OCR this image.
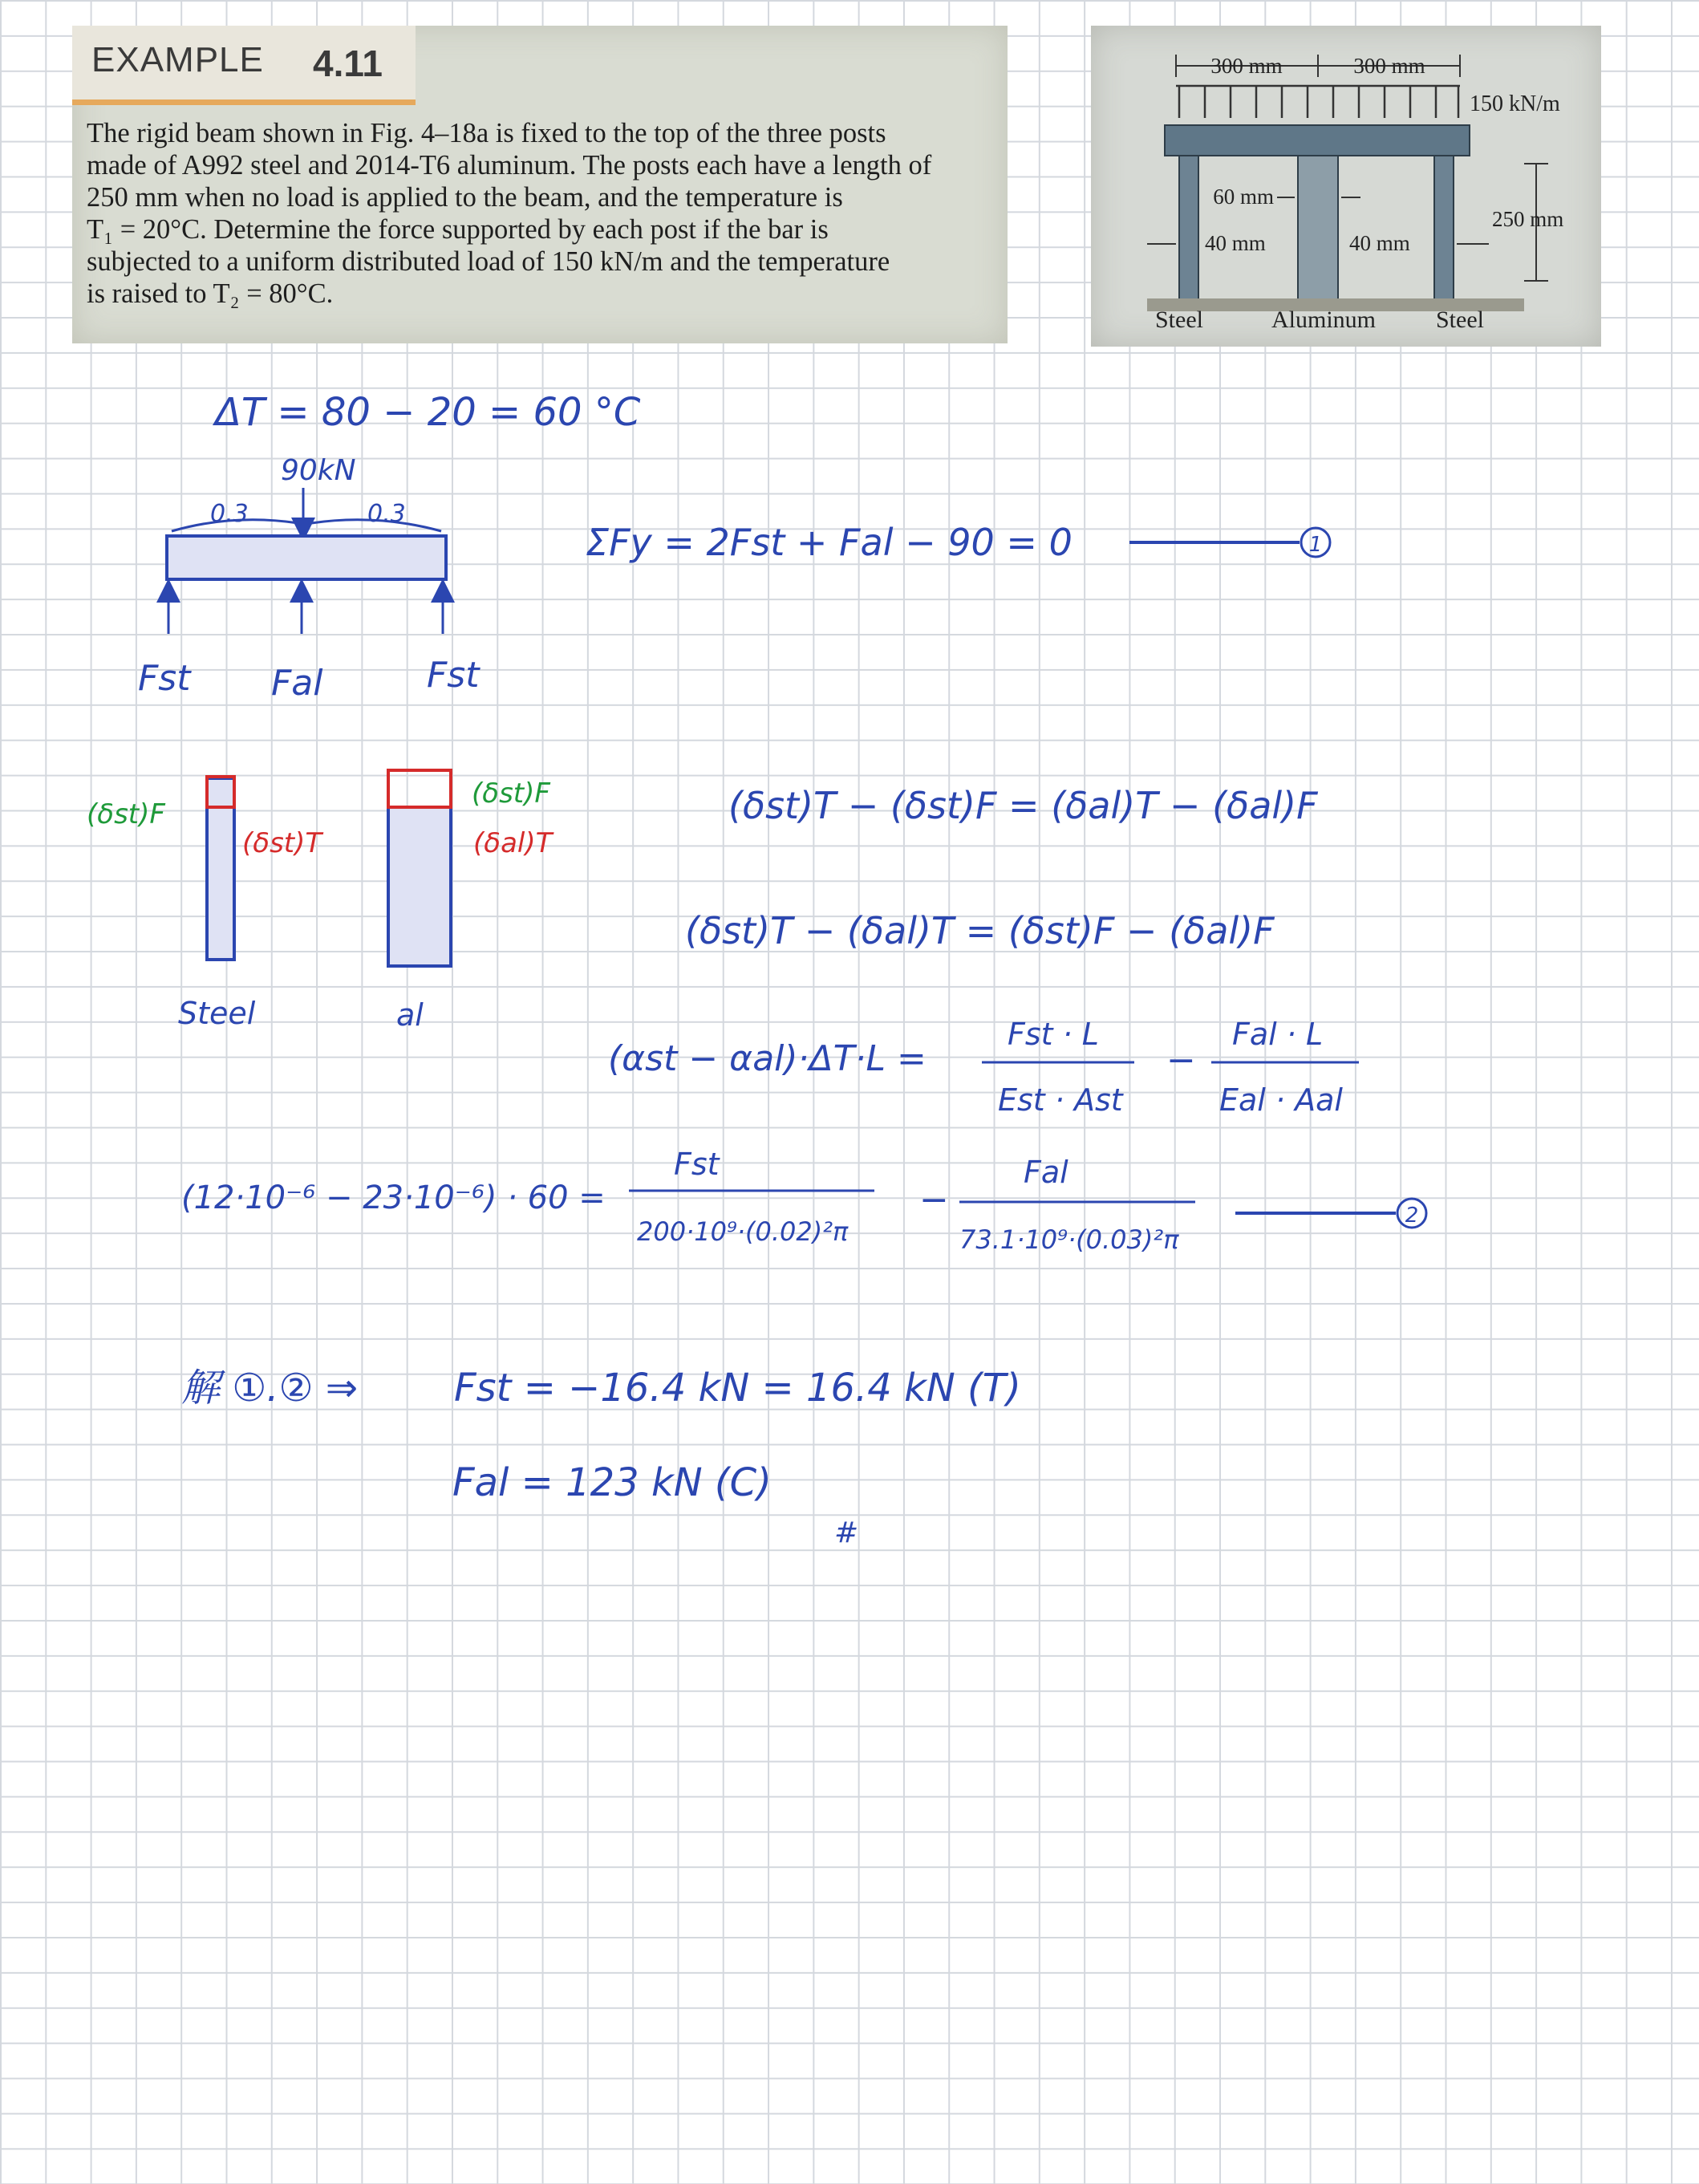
EXAMPLE 4.11
The rigid beam shown in Fig. 4–18a is fixed to the top of the three posts
made of A992 steel and 2014-T6 aluminum. The posts each have a length of
250 mm when no load is applied to the beam, and the temperature is
T₁ = 20°C. Determine the force supported by each post if the bar is
subjected to a uniform distributed load of 150 kN/m and the temperature
is raised to T₂ = 80°C.
300 mm	300 mm
150 kN/m
250 mm
60 mm
40 mm	40 mm
Steel	Aluminum Steel
ΔT = 80 − 20 = 60 °C
90kN
0.3	0.3
Fst Fal	Fst
ΣFy = 2Fst + Fal − 90 = 0	1
(δst)F
(δst)T
(δst)F
(δal)T
Steel	al
(δst)T − (δst)F = (δal)T − (δal)F
(δst)T − (δal)T = (δst)F − (δal)F
(αst − αal)·ΔT·L =
Fst · L
Est · Ast
−
Fal · L
Eal · Aal
(12·10⁻⁶ − 23·10⁻⁶) · 60 =
Fst
200·10⁹·(0.02)²π
−
Fal
73.1·10⁹·(0.03)²π
2
解 ①.② ⇒ Fst = −16.4 kN = 16.4 kN (T)
Fal = 123 kN (C)
#
